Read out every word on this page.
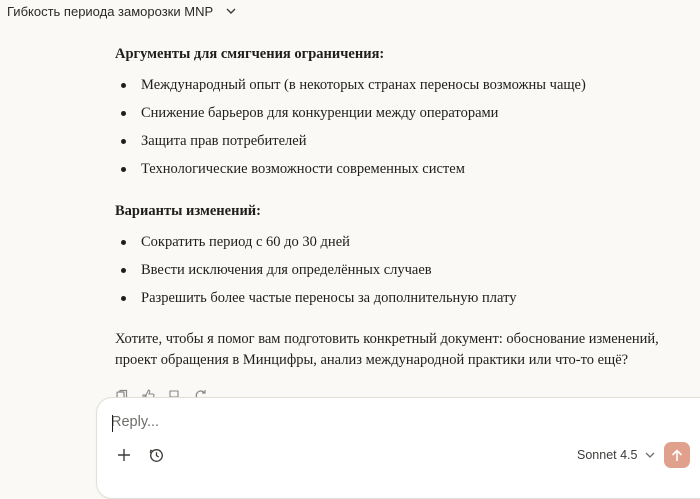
Гибкость периода заморозки MNP

Аргументы для смягчения ограничения:

Международный опыт (в некоторых странах переносы возможны чаще)
Снижение барьеров для конкуренции между операторами
Защита прав потребителей
Технологические возможности современных систем

Варианты изменений:

Сократить период с 60 до 30 дней
Ввести исключения для определённых случаев
Разрешить более частые переносы за дополнительную плату

Хотите, чтобы я помог вам подготовить конкретный документ: обоснование изменений, проект обращения в Минцифры, анализ международной практики или что-то ещё?

Reply...
Sonnet 4.5
